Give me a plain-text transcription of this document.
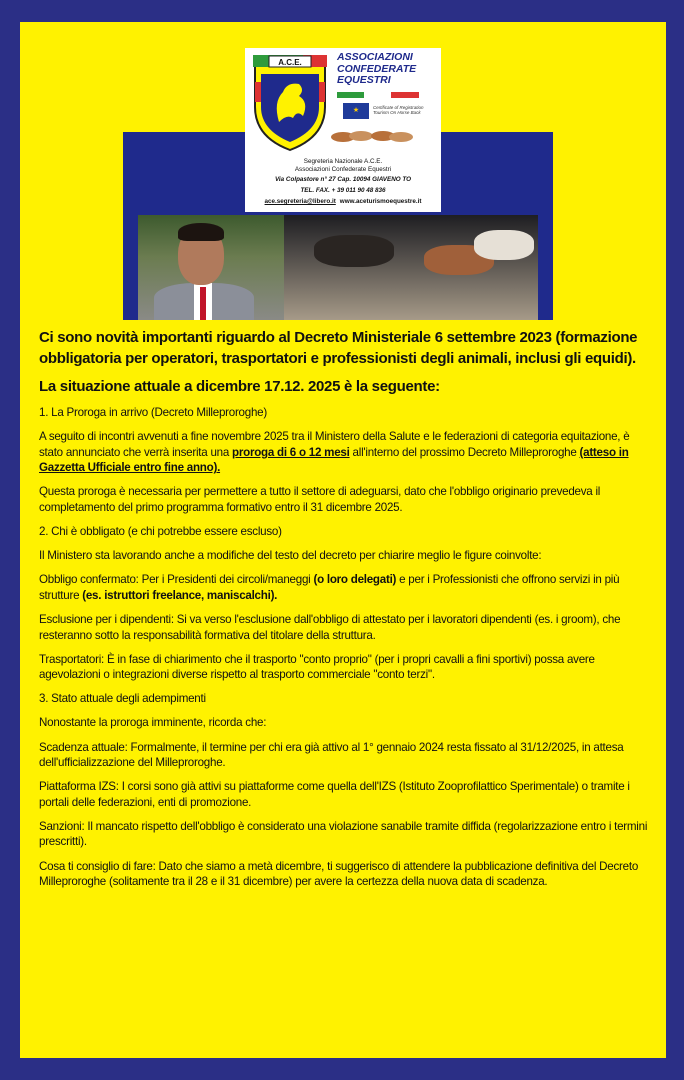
A.C.E.	ASSOCIAZIONI
CONFEDERATE
EQUESTRI
★	Certificate of Registration Tourism On Horse Back
Segreteria Nazionale A.C.E.
Associazioni Confederate Equestri
Via Colpastore n° 27 Cap. 10094 GIAVENO TO
TEL. FAX. + 39 011 90 48 836
ace.segreteria@libero.it www.aceturismoequestre.it
Ci sono novità importanti riguardo al Decreto Ministeriale 6 settembre 2023 (formazione obbligatoria per operatori, trasportatori e professionisti degli animali, inclusi gli equidi).
La situazione attuale a dicembre 17.12. 2025 è la seguente:

1. La Proroga in arrivo (Decreto Milleproroghe)

A seguito di incontri avvenuti a fine novembre 2025 tra il Ministero della Salute e le federazioni di categoria equitazione, è stato annunciato che verrà inserita una proroga di 6 o 12 mesi all'interno del prossimo Decreto Milleproroghe (atteso in Gazzetta Ufficiale entro fine anno).

Questa proroga è necessaria per permettere a tutto il settore di adeguarsi, dato che l'obbligo originario prevedeva il completamento del primo programma formativo entro il 31 dicembre 2025.

2. Chi è obbligato (e chi potrebbe essere escluso)

Il Ministero sta lavorando anche a modifiche del testo del decreto per chiarire meglio le figure coinvolte:

Obbligo confermato: Per i Presidenti dei circoli/maneggi (o loro delegati) e per i Professionisti che offrono servizi in più strutture (es. istruttori freelance, maniscalchi).

Esclusione per i dipendenti: Si va verso l'esclusione dall'obbligo di attestato per i lavoratori dipendenti (es. i groom), che resteranno sotto la responsabilità formativa del titolare della struttura.

Trasportatori: È in fase di chiarimento che il trasporto "conto proprio" (per i propri cavalli a fini sportivi) possa avere agevolazioni o integrazioni diverse rispetto al trasporto commerciale "conto terzi".

3. Stato attuale degli adempimenti

Nonostante la proroga imminente, ricorda che:

Scadenza attuale: Formalmente, il termine per chi era già attivo al 1° gennaio 2024 resta fissato al 31/12/2025, in attesa dell'ufficializzazione del Milleproroghe.

Piattaforma IZS: I corsi sono già attivi su piattaforme come quella dell'IZS (Istituto Zooprofilattico Sperimentale) o tramite i portali delle federazioni, enti di promozione.

Sanzioni: Il mancato rispetto dell'obbligo è considerato una violazione sanabile tramite diffida (regolarizzazione entro i termini prescritti).

Cosa ti consiglio di fare: Dato che siamo a metà dicembre, ti suggerisco di attendere la pubblicazione definitiva del Decreto Milleproroghe (solitamente tra il 28 e il 31 dicembre) per avere la certezza della nuova data di scadenza.
